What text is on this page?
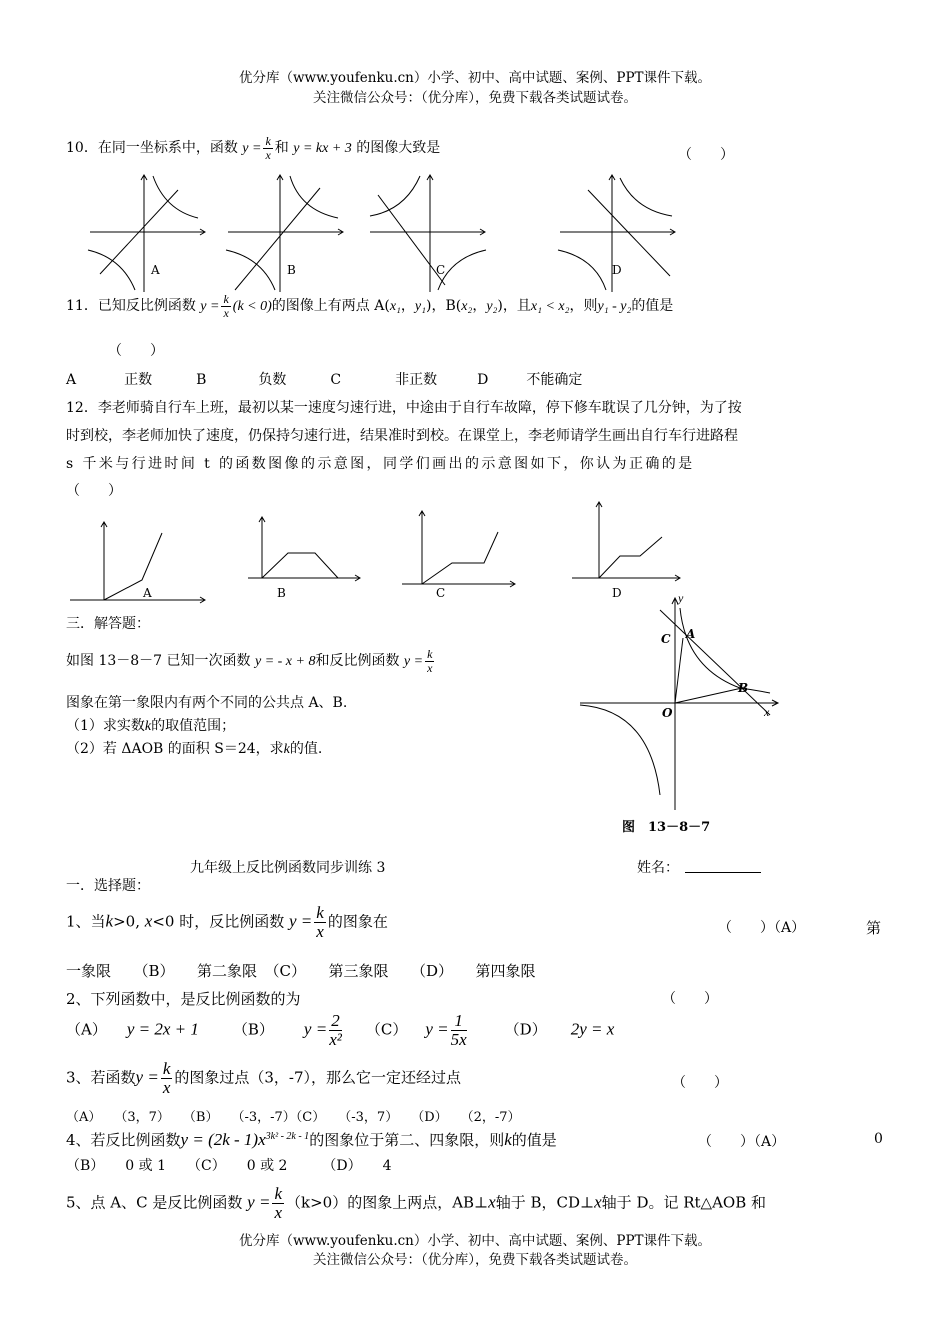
优分库（www.youfenku.cn）小学、初中、高中试题、案例、PPT课件下载。
关注微信公众号：（优分库），免费下载各类试题试卷。
10．在同一坐标系中，函数 $y = \frac{k}{x}$ 和 y = kx + 3 的图像大致是	（　　）
A	B	C	D
11．已知反比例函数 $y = \frac{k}{x} (k < 0)$的图像上有两点 A(x₁，y₁)，B(x₂，y₂)，且x₁ < x₂，则y₁ - y₂的值是
（　　）
A	正数	B	负数	C	非正数	D	不能确定
12．李老师骑自行车上班，最初以某一速度匀速行进，中途由于自行车故障，停下修车耽误了几分钟，为了按
时到校，李老师加快了速度，仍保持匀速行进，结果准时到校。在课堂上，李老师请学生画出自行车行进路程
s 千米与行进时间 t 的函数图像的示意图，同学们画出的示意图如下，你认为正确的是
（　　）
A	B	C	D
三．解答题：
如图 13－8－7 已知一次函数 y = - x + 8和反比例函数 $y = \frac{k}{x}$
图象在第一象限内有两个不同的公共点 A、B.
（1）求实数k的取值范围；
（2）若 ΔAOB 的面积 S＝24，求k的值.
y
x
A
B
C
O
图　13－8－7
九年级上反比例函数同步训练 3	姓名：
一．选择题：
1、当k>0, x<0 时，反比例函数 $y = \frac{k}{x}$ 的图象在	（　　）（A）	第
一象限　　（B）　　第二象限　（C）　　第三象限　　（D）　　第四象限
2、下列函数中，是反比例函数的为	（　　）
（A） y = 2x + 1 （B） $y = \frac{2}{\text{x²}} (C) y = \frac{1}{5x}$	（D） 2y = x
3、若函数$y = \frac{k}{x}$ 的图象过点（3，-7），那么它一定还经过点	（　　）
（A）　　（3，7）　　（B）　　（-3，-7）（C）　　（-3，7）　　（D）　　（2，-7）
4、若反比例函数$y = (2k - 1)x^{3k^2 - 2k - 1}$的图象位于第二、四象限，则k的值是	（　　）（A）	0
（B）　　0 或 1　　（C）　　0 或 2　　　（D）　　4
5、点 A、C 是反比例函数 $y = \frac{k}{x} (k>0)$的图象上两点，AB⊥x轴于 B，CD⊥x轴于 D。记 Rt△AOB 和
优分库（www.youfenku.cn）小学、初中、高中试题、案例、PPT课件下载。
关注微信公众号：（优分库），免费下载各类试题试卷。
